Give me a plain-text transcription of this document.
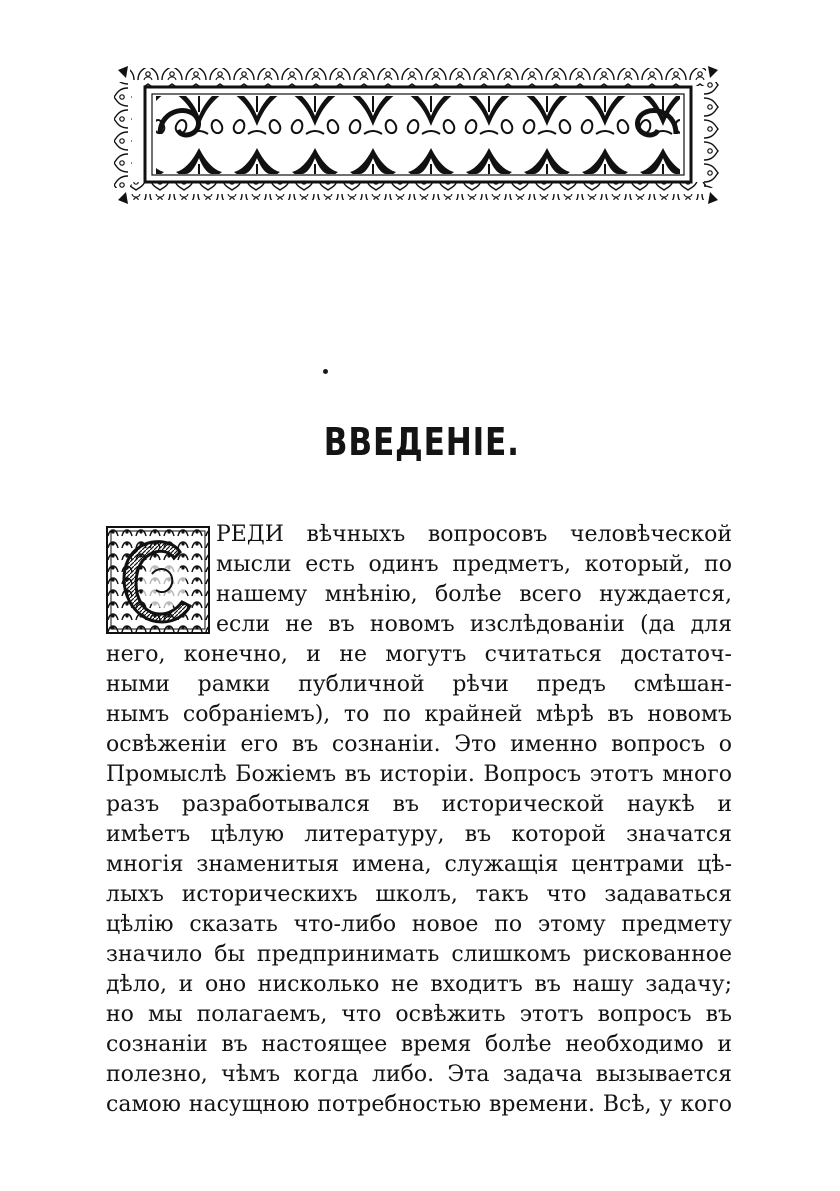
ВВЕДЕНІЕ.
РЕДИ вѣчныхъ вопросовъ человѣческой
мысли есть одинъ предметъ, который, по
нашему мнѣнію, болѣе всего нуждается,
если не въ новомъ изслѣдованіи (да для
него, конечно, и не могутъ считаться достаточ-
ными рамки публичной рѣчи предъ смѣшан-
нымъ собраніемъ), то по крайней мѣрѣ въ новомъ
освѣженіи его въ сознаніи. Это именно вопросъ о
Промыслѣ Божіемъ въ исторіи. Вопросъ этотъ много
разъ разработывался въ исторической наукѣ и
имѣетъ цѣлую литературу, въ которой значатся
многія знаменитыя имена, служащія центрами цѣ-
лыхъ историческихъ школъ, такъ что задаваться
цѣлію сказать что-либо новое по этому предмету
значило бы предпринимать слишкомъ рискованное
дѣло, и оно нисколько не входитъ въ нашу задачу;
но мы полагаемъ, что освѣжить этотъ вопросъ въ
сознаніи въ настоящее время болѣе необходимо и
полезно, чѣмъ когда либо. Эта задача вызывается
самою насущною потребностью времени. Всѣ, у кого
